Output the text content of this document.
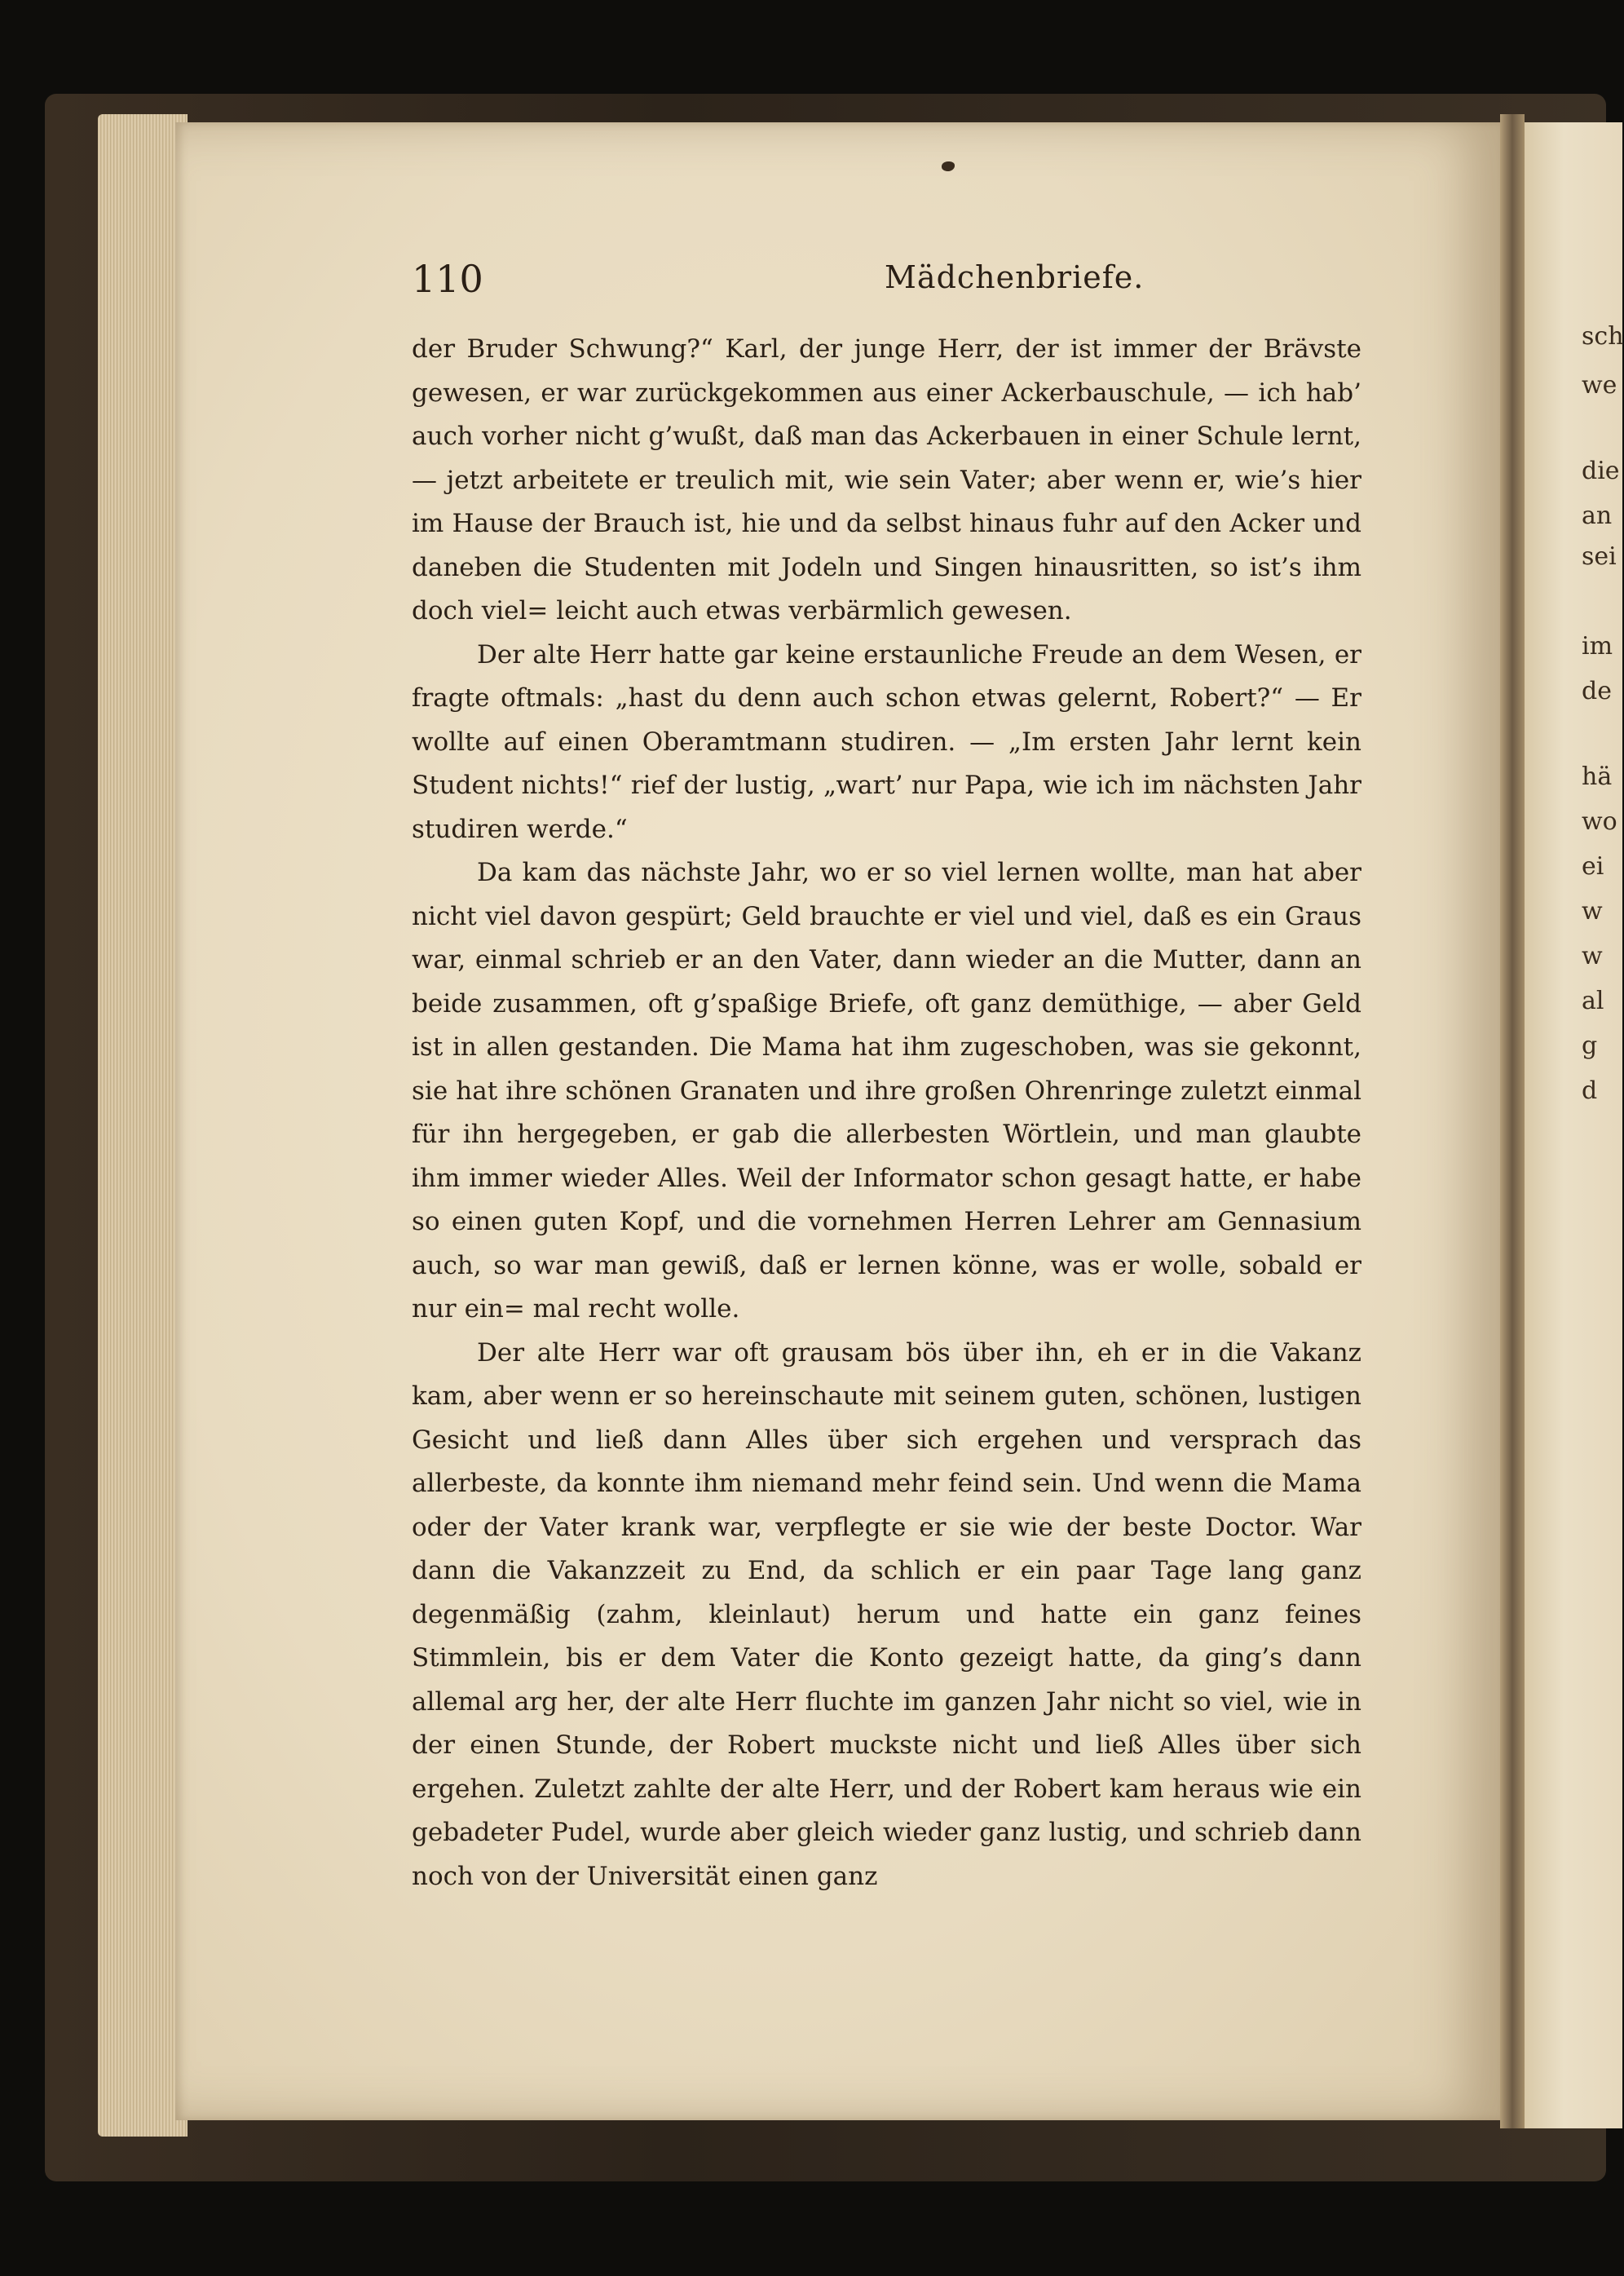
110	Mädchenbriefe.

der Bruder Schwung?“ Karl, der junge Herr, der ist immer der Brävste gewesen, er war zurückgekommen aus einer Ackerbauschule, — ich hab’ auch vorher nicht g’wußt, daß man das Ackerbauen in einer Schule lernt, — jetzt arbeitete er treulich mit, wie sein Vater; aber wenn er, wie’s hier im Hause der Brauch ist, hie und da selbst hinaus fuhr auf den Acker und daneben die Studenten mit Jodeln und Singen hinausritten, so ist’s ihm doch viel= leicht auch etwas verbärmlich gewesen.

Der alte Herr hatte gar keine erstaunliche Freude an dem Wesen, er fragte oftmals: „hast du denn auch schon etwas gelernt, Robert?“ — Er wollte auf einen Oberamtmann studiren. — „Im ersten Jahr lernt kein Student nichts!“ rief der lustig, „wart’ nur Papa, wie ich im nächsten Jahr studiren werde.“

Da kam das nächste Jahr, wo er so viel lernen wollte, man hat aber nicht viel davon gespürt; Geld brauchte er viel und viel, daß es ein Graus war, einmal schrieb er an den Vater, dann wieder an die Mutter, dann an beide zusammen, oft g’spaßige Briefe, oft ganz demüthige, — aber Geld ist in allen gestanden. Die Mama hat ihm zugeschoben, was sie gekonnt, sie hat ihre schönen Granaten und ihre großen Ohrenringe zuletzt einmal für ihn hergegeben, er gab die allerbesten Wörtlein, und man glaubte ihm immer wieder Alles. Weil der Informator schon gesagt hatte, er habe so einen guten Kopf, und die vornehmen Herren Lehrer am Gennasium auch, so war man gewiß, daß er lernen könne, was er wolle, sobald er nur ein= mal recht wolle.

Der alte Herr war oft grausam bös über ihn, eh er in die Vakanz kam, aber wenn er so hereinschaute mit seinem guten, schönen, lustigen Gesicht und ließ dann Alles über sich ergehen und versprach das allerbeste, da konnte ihm niemand mehr feind sein. Und wenn die Mama oder der Vater krank war, verpflegte er sie wie der beste Doctor. War dann die Vakanzzeit zu End, da schlich er ein paar Tage lang ganz degenmäßig (zahm, kleinlaut) herum und hatte ein ganz feines Stimmlein, bis er dem Vater die Konto gezeigt hatte, da ging’s dann allemal arg her, der alte Herr fluchte im ganzen Jahr nicht so viel, wie in der einen Stunde, der Robert muckste nicht und ließ Alles über sich ergehen. Zuletzt zahlte der alte Herr, und der Robert kam heraus wie ein gebadeter Pudel, wurde aber gleich wieder ganz lustig, und schrieb dann noch von der Universität einen ganz

sch
we
die
an
sei
im
de
hä
wo
ei
w
w
al
g
d
